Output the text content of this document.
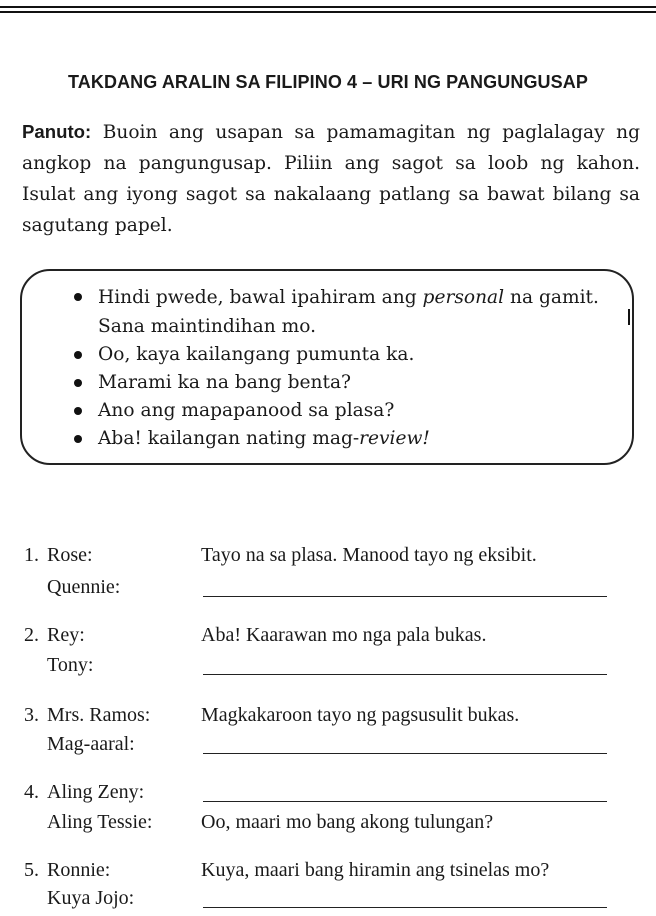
TAKDANG ARALIN SA FILIPINO 4 – URI NG PANGUNGUSAP
Panuto: Buoin ang usapan sa pamamagitan ng paglalagay ng angkop na pangungusap. Piliin ang sagot sa loob ng kahon. Isulat ang iyong sagot sa nakalaang patlang sa bawat bilang sa sagutang papel.
Hindi pwede, bawal ipahiram ang personal na gamit. Sana maintindihan mo.
Oo, kaya kailangang pumunta ka.
Marami ka na bang benta?
Ano ang mapapanood sa plasa?
Aba! kailangan nating mag-review!
1. Rose:	Tayo na sa plasa. Manood tayo ng eksibit.
Quennie:
2. Rey:	Aba! Kaarawan mo nga pala bukas.
Tony:
3. Mrs. Ramos:	Magkakaroon tayo ng pagsusulit bukas.
Mag-aaral:
4. Aling Zeny:
Aling Tessie: Oo, maari mo bang akong tulungan?
5. Ronnie:	Kuya, maari bang hiramin ang tsinelas mo?
Kuya Jojo:
